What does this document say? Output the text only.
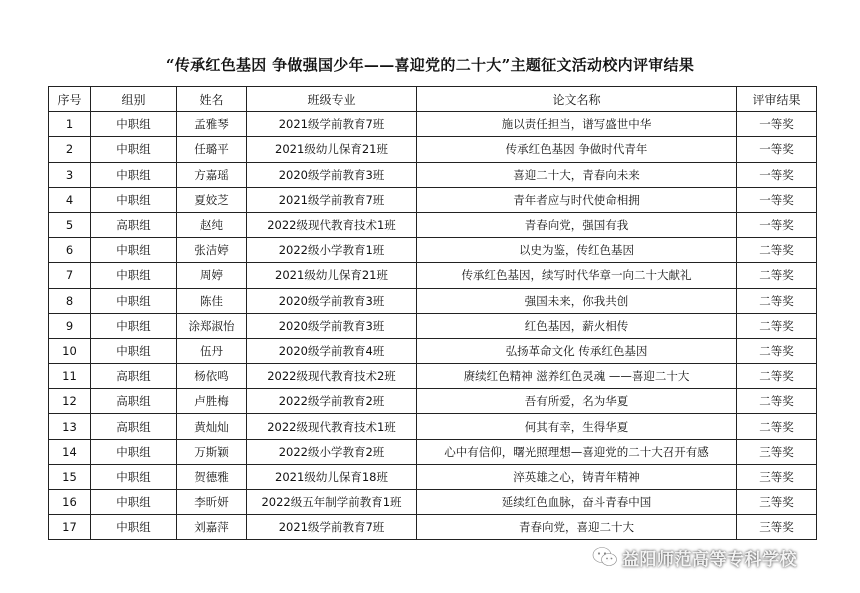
“传承红色基因 争做强国少年——喜迎党的二十大”主题征文活动校内评审结果
序号	组别	姓名	班级专业	论文名称	评审结果
1	中职组	孟雅琴	2021级学前教育7班	施以责任担当，谱写盛世中华	一等奖
2	中职组	任璐平	2021级幼儿保育21班	传承红色基因 争做时代青年	一等奖
3	中职组	方嘉瑶	2020级学前教育3班	喜迎二十大，青春向未来	一等奖
4	中职组	夏姣芝	2021级学前教育7班	青年者应与时代使命相拥	一等奖
5	高职组	赵纯	2022级现代教育技术1班	青春向党，强国有我	一等奖
6	中职组	张洁婷	2022级小学教育1班	以史为鉴，传红色基因	二等奖
7	中职组	周婷	2021级幼儿保育21班	传承红色基因，续写时代华章一向二十大献礼	二等奖
8	中职组	陈佳	2020级学前教育3班	强国未来，你我共创	二等奖
9	中职组	涂郑淑怡	2020级学前教育3班	红色基因，薪火相传	二等奖
10	中职组	伍丹	2020级学前教育4班	弘扬革命文化 传承红色基因	二等奖
11	高职组	杨依鸣	2022级现代教育技术2班	赓续红色精神 滋养红色灵魂 ——喜迎二十大	二等奖
12	高职组	卢胜梅	2022级学前教育2班	吾有所爱，名为华夏	二等奖
13	高职组	黄灿灿	2022级现代教育技术1班	何其有幸，生得华夏	二等奖
14	中职组	万斯颖	2022级小学教育2班	心中有信仰，曙光照理想—喜迎党的二十大召开有感	三等奖
15	中职组	贺德雅	2021级幼儿保育18班	淬英雄之心，铸青年精神	三等奖
16	中职组	李昕妍	2022级五年制学前教育1班	延续红色血脉，奋斗青春中国	三等奖
17	中职组	刘嘉萍	2021级学前教育7班	青春向党，喜迎二十大	三等奖
益阳师范高等专科学校
